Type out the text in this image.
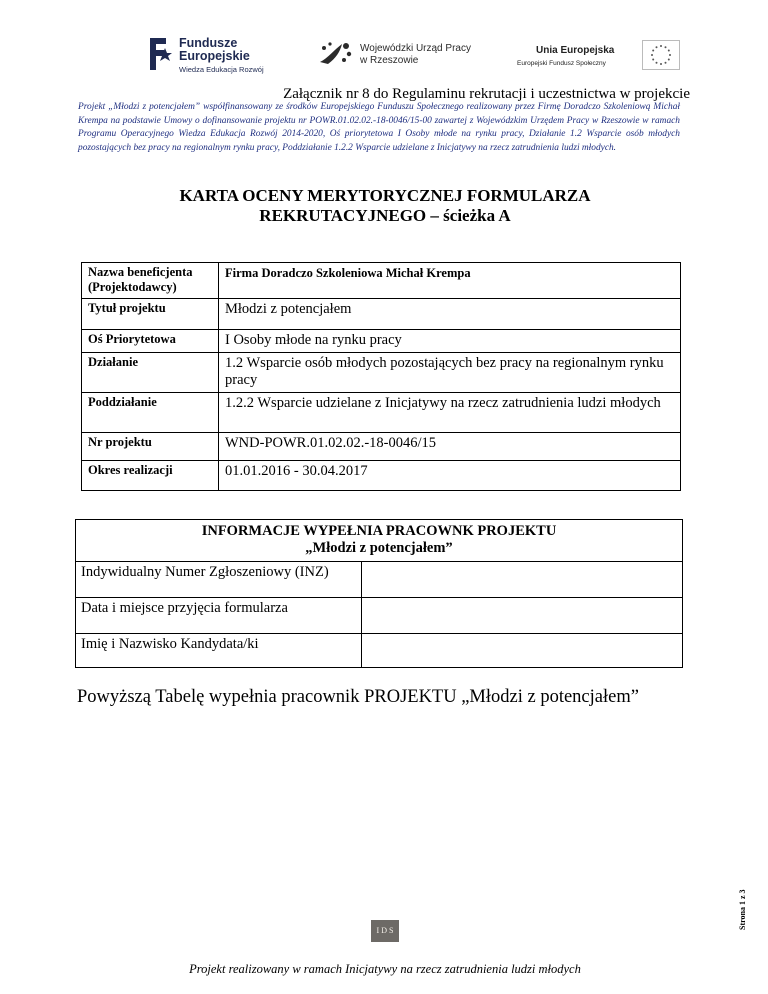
Fundusze
Europejskie
Wiedza Edukacja Rozwój
Wojewódzki Urząd Pracy
w Rzeszowie
Unia Europejska
Europejski Fundusz Społeczny
Załącznik nr 8 do Regulaminu rekrutacji i uczestnictwa w projekcie
Projekt „Młodzi z potencjałem” współfinansowany ze środków Europejskiego Funduszu Społecznego realizowany przez Firmę Doradczo Szkoleniową Michał Krempa na podstawie Umowy o dofinansowanie projektu nr POWR.01.02.02.-18-0046/15-00 zawartej z Wojewódzkim Urzędem Pracy w Rzeszowie w ramach Programu Operacyjnego Wiedza Edukacja Rozwój 2014-2020, Oś priorytetowa I Osoby młode na rynku pracy, Działanie 1.2 Wsparcie osób młodych pozostających bez pracy na regionalnym rynku pracy, Poddziałanie 1.2.2 Wsparcie udzielane z Inicjatywy na rzecz zatrudnienia ludzi młodych.
KARTA OCENY MERYTORYCZNEJ FORMULARZA
REKRUTACYJNEGO – ścieżka A
Nazwa beneficjenta (Projektodawcy)	Firma Doradczo Szkoleniowa Michał Krempa
Tytuł projektu	Młodzi z potencjałem
Oś Priorytetowa	I Osoby młode na rynku pracy
Działanie	1.2 Wsparcie osób młodych pozostających bez pracy na regionalnym rynku pracy
Poddziałanie	1.2.2 Wsparcie udzielane z Inicjatywy na rzecz zatrudnienia ludzi młodych
Nr projektu	WND-POWR.01.02.02.-18-0046/15
Okres realizacji	01.01.2016 - 30.04.2017
INFORMACJE WYPEŁNIA PRACOWNK PROJEKTU
„Młodzi z potencjałem”	

Indywidualny Numer Zgłoszeniowy (INZ)	
Data i miejsce przyjęcia formularza	
Imię i Nazwisko Kandydata/ki	
Powyższą Tabelę wypełnia pracownik PROJEKTU „Młodzi z potencjałem”
I D S
Projekt realizowany w ramach Inicjatywy na rzecz zatrudnienia ludzi młodych
Strona 1 z 3
